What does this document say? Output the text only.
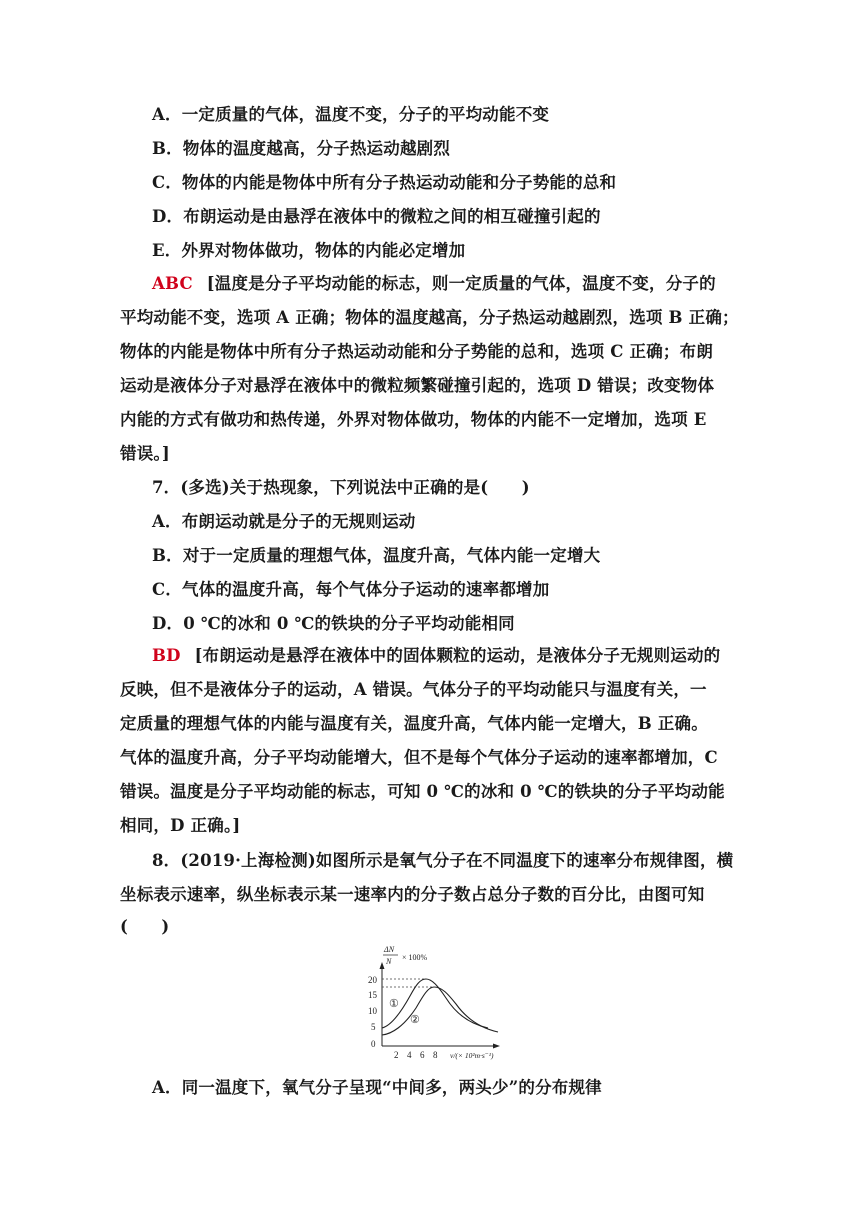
A．一定质量的气体，温度不变，分子的平均动能不变
B．物体的温度越高，分子热运动越剧烈
C．物体的内能是物体中所有分子热运动动能和分子势能的总和
D．布朗运动是由悬浮在液体中的微粒之间的相互碰撞引起的
E．外界对物体做功，物体的内能必定增加
ABC [温度是分子平均动能的标志，则一定质量的气体，温度不变，分子的
平均动能不变，选项 A 正确；物体的温度越高，分子热运动越剧烈，选项 B 正确；
物体的内能是物体中所有分子热运动动能和分子势能的总和，选项 C 正确；布朗
运动是液体分子对悬浮在液体中的微粒频繁碰撞引起的，选项 D 错误；改变物体
内能的方式有做功和热传递，外界对物体做功，物体的内能不一定增加，选项 E
错误。]
7．(多选)关于热现象，下列说法中正确的是(　　)
A．布朗运动就是分子的无规则运动
B．对于一定质量的理想气体，温度升高，气体内能一定增大
C．气体的温度升高，每个气体分子运动的速率都增加
D．0 ℃的冰和 0 ℃的铁块的分子平均动能相同
BD [布朗运动是悬浮在液体中的固体颗粒的运动，是液体分子无规则运动的
反映，但不是液体分子的运动，A 错误。气体分子的平均动能只与温度有关，一
定质量的理想气体的内能与温度有关，温度升高，气体内能一定增大，B 正确。
气体的温度升高，分子平均动能增大，但不是每个气体分子运动的速率都增加，C
错误。温度是分子平均动能的标志，可知 0 ℃的冰和 0 ℃的铁块的分子平均动能
相同，D 正确。]
8．(2019·上海检测)如图所示是氧气分子在不同温度下的速率分布规律图，横
坐标表示速率，纵坐标表示某一速率内的分子数占总分子数的百分比，由图可知
(　　)
ΔN
N × 100%
20
15
10
5
0
①
②
2 4 6 8 v/(× 10²m·s⁻¹)
A．同一温度下，氧气分子呈现“中间多，两头少”的分布规律
